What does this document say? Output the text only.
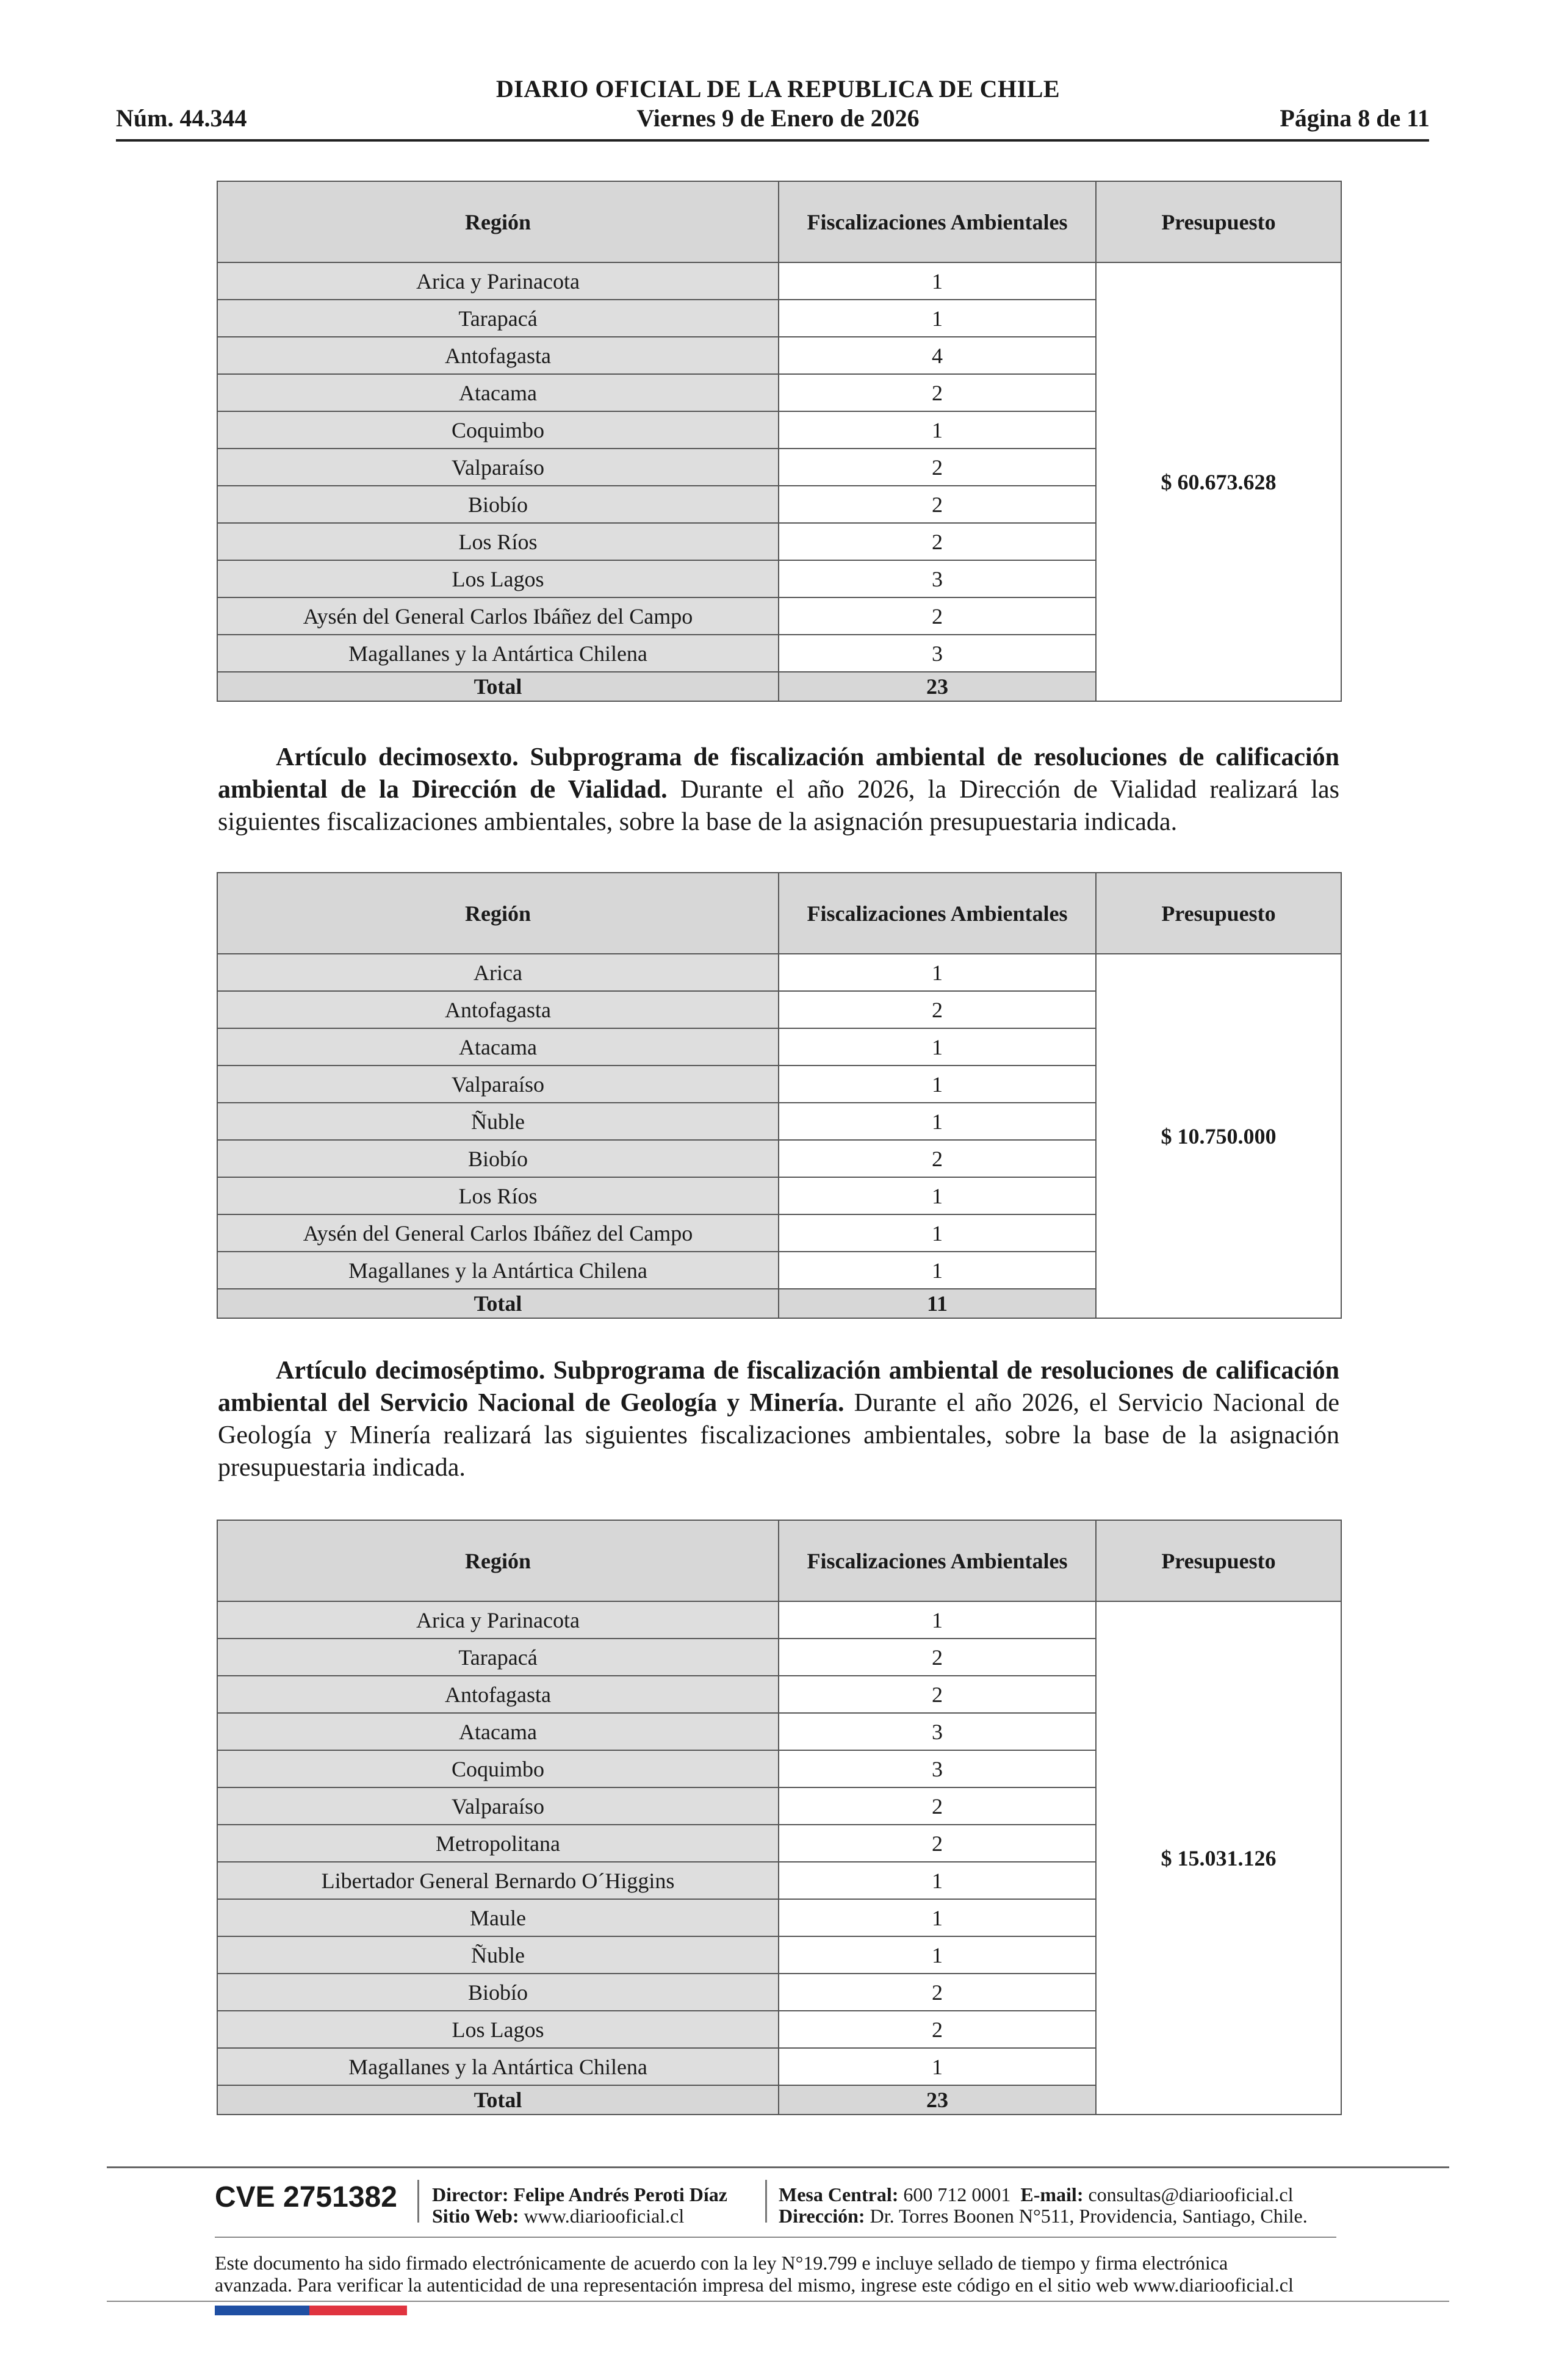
DIARIO OFICIAL DE LA REPUBLICA DE CHILE
Núm. 44.344	Viernes 9 de Enero de 2026	Página 8 de 11
Región	Fiscalizaciones Ambientales	Presupuesto
Arica y Parinacota	1	$ 60.673.628
Tarapacá	1	
Antofagasta	4	
Atacama	2	
Coquimbo	1	
Valparaíso	2	
Biobío	2	
Los Ríos	2	
Los Lagos	3	
Aysén del General Carlos Ibáñez del Campo	2	
Magallanes y la Antártica Chilena	3	
Total	23	
Artículo decimosexto. Subprograma de fiscalización ambiental de resoluciones de calificación ambiental de la Dirección de Vialidad. Durante el año 2026, la Dirección de Vialidad realizará las siguientes fiscalizaciones ambientales, sobre la base de la asignación presupuestaria indicada.
Región	Fiscalizaciones Ambientales	Presupuesto
Arica	1	$ 10.750.000
Antofagasta	2	
Atacama	1	
Valparaíso	1	
Ñuble	1	
Biobío	2	
Los Ríos	1	
Aysén del General Carlos Ibáñez del Campo	1	
Magallanes y la Antártica Chilena	1	
Total	11	
Artículo decimoséptimo. Subprograma de fiscalización ambiental de resoluciones de calificación ambiental del Servicio Nacional de Geología y Minería. Durante el año 2026, el Servicio Nacional de Geología y Minería realizará las siguientes fiscalizaciones ambientales, sobre la base de la asignación presupuestaria indicada.
Región	Fiscalizaciones Ambientales	Presupuesto
Arica y Parinacota	1	$ 15.031.126
Tarapacá	2	
Antofagasta	2	
Atacama	3	
Coquimbo	3	
Valparaíso	2	
Metropolitana	2	
Libertador General Bernardo O´Higgins	1	
Maule	1	
Ñuble	1	
Biobío	2	
Los Lagos	2	
Magallanes y la Antártica Chilena	1	
Total	23	
CVE 2751382 Director: Felipe Andrés Peroti Díaz
Sitio Web: www.diariooficial.cl
Mesa Central: 600 712 0001 E-mail: consultas@diariooficial.cl
Dirección: Dr. Torres Boonen N°511, Providencia, Santiago, Chile.
Este documento ha sido firmado electrónicamente de acuerdo con la ley N°19.799 e incluye sellado de tiempo y firma electrónica
avanzada. Para verificar la autenticidad de una representación impresa del mismo, ingrese este código en el sitio web www.diariooficial.cl
